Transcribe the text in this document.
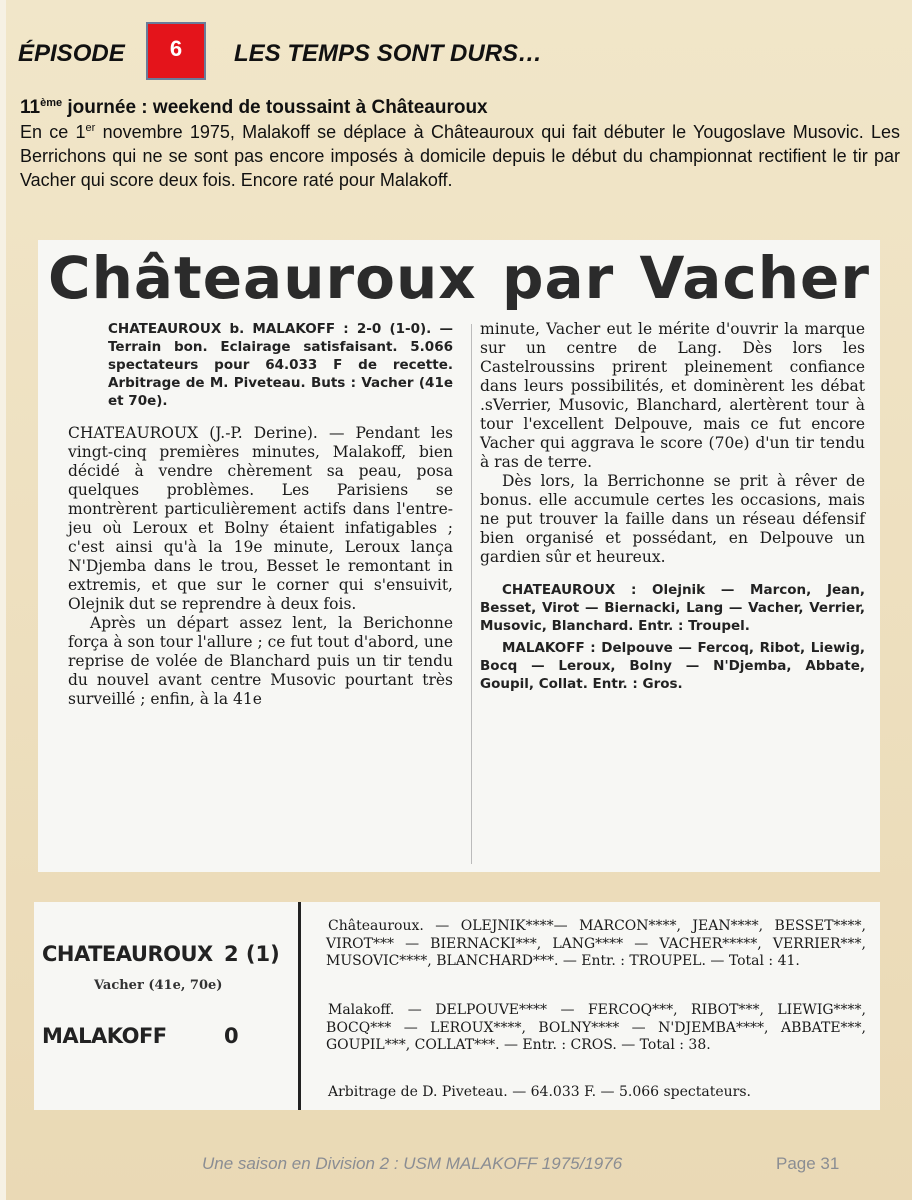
ÉPISODE 6 LES TEMPS SONT DURS…
11ème journée : weekend de toussaint à Châteauroux
En ce 1er novembre 1975, Malakoff se déplace à Châteauroux qui fait débuter le Yougoslave Musovic. Les Berrichons qui ne se sont pas encore imposés à domicile depuis le début du championnat rectifient le tir par Vacher qui score deux fois. Encore raté pour Malakoff.
Châteauroux par Vacher

CHATEAUROUX b. MALAKOFF : 2-0 (1-0). — Terrain bon. Eclairage satisfaisant. 5.066 spectateurs pour 64.033 F de recette. Arbitrage de M. Piveteau. Buts : Vacher (41e et 70e).

CHATEAUROUX (J.-P. Derine). — Pendant les vingt-cinq premières minutes, Malakoff, bien décidé à vendre chèrement sa peau, posa quelques problèmes. Les Parisiens se montrèrent particulièrement actifs dans l'entre-jeu où Leroux et Bolny étaient infatigables ; c'est ainsi qu'à la 19e minute, Leroux lança N'Djemba dans le trou, Besset le remontant in extremis, et que sur le corner qui s'ensuivit, Olejnik dut se reprendre à deux fois.

Après un départ assez lent, la Berichonne força à son tour l'allure ; ce fut tout d'abord, une reprise de volée de Blanchard puis un tir tendu du nouvel avant centre Musovic pourtant très surveillé ; enfin, à la 41e

minute, Vacher eut le mérite d'ouvrir la marque sur un centre de Lang. Dès lors les Castelroussins prirent pleinement confiance dans leurs possibilités, et dominèrent les débat .sVerrier, Musovic, Blanchard, alertèrent tour à tour l'excellent Delpouve, mais ce fut encore Vacher qui aggrava le score (70e) d'un tir tendu à ras de terre.

Dès lors, la Berrichonne se prit à rêver de bonus. elle accumule certes les occasions, mais ne put trouver la faille dans un réseau défensif bien organisé et possédant, en Delpouve un gardien sûr et heureux.

CHATEAUROUX : Olejnik — Marcon, Jean, Besset, Virot — Biernacki, Lang — Vacher, Verrier, Musovic, Blanchard. Entr. : Troupel.

MALAKOFF : Delpouve — Fercoq, Ribot, Liewig, Bocq — Leroux, Bolny — N'Djemba, Abbate, Goupil, Collat. Entr. : Gros.

CHATEAUROUX 2 (1)
Vacher (41e, 70e)
MALAKOFF	0
Châteauroux. — OLEJNIK****— MARCON****, JEAN****, BESSET****, VIROT*** — BIERNACKI***, LANG**** — VACHER*****, VERRIER***, MUSOVIC****, BLANCHARD***. — Entr. : TROUPEL. — Total : 41.
Malakoff. — DELPOUVE**** — FERCOQ***, RIBOT***, LIEWIG****, BOCQ*** — LEROUX****, BOLNY**** — N'DJEMBA****, ABBATE***, GOUPIL***, COLLAT***. — Entr. : CROS. — Total : 38.
Arbitrage de D. Piveteau. — 64.033 F. — 5.066 spectateurs.
Une saison en Division 2 : USM MALAKOFF 1975/1976	Page 31
